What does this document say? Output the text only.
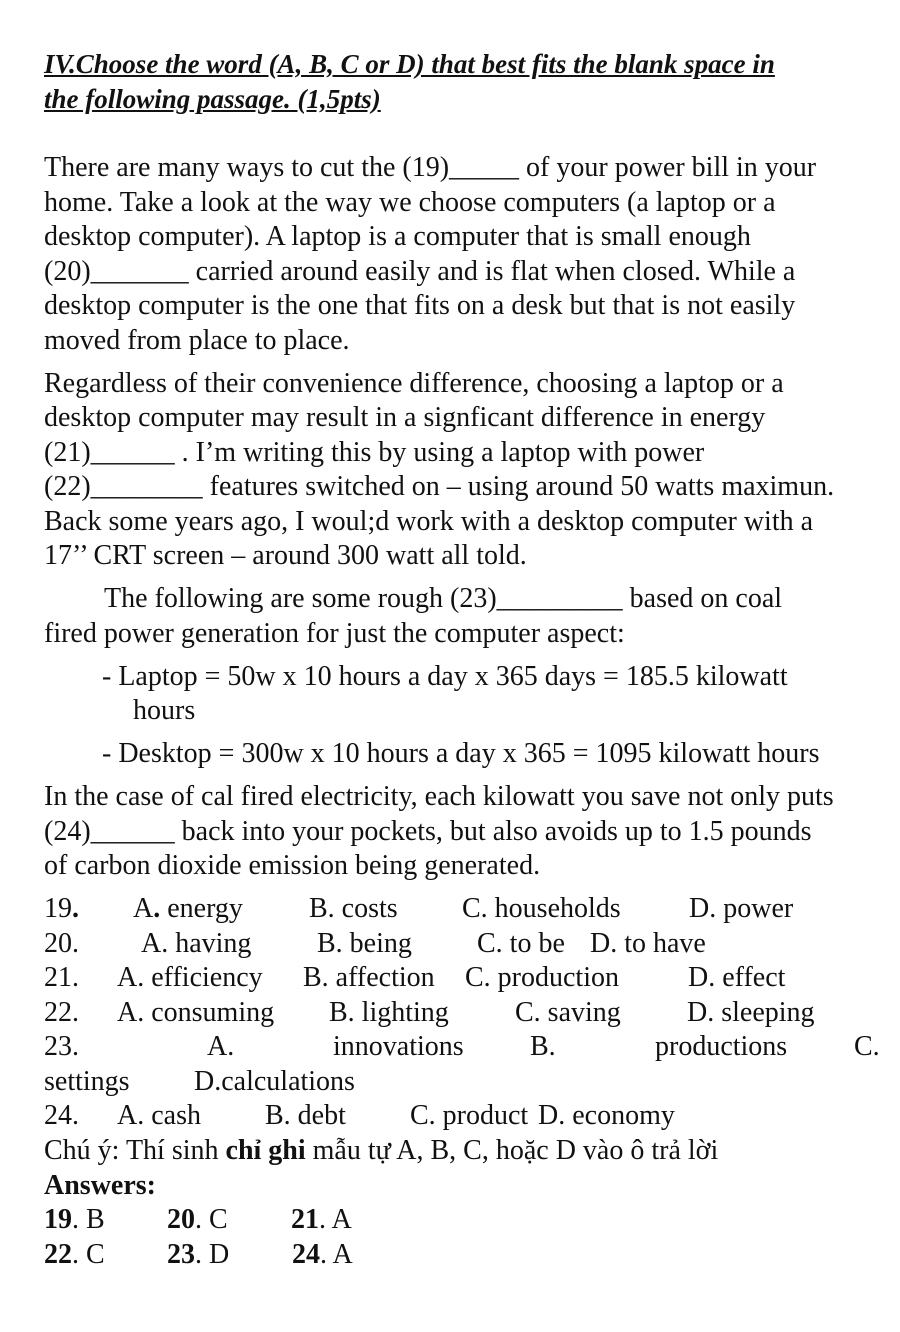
IV.Choose the word (A, B, C or D) that best fits the blank space in
the following passage. (1,5pts)
There are many ways to cut the (19)_____ of your power bill in your
home. Take a look at the way we choose computers (a laptop or a
desktop computer). A laptop is a computer that is small enough
(20)_______ carried around easily and is flat when closed. While a
desktop computer is the one that fits on a desk but that is not easily
moved from place to place.
Regardless of their convenience difference, choosing a laptop or a
desktop computer may result in a signficant difference in energy
(21)______ . I’m writing this by using a laptop with power
(22)________ features switched on – using around 50 watts maximun.
Back some years ago, I woul;d work with a desktop computer with a
17’’ CRT screen – around 300 watt all told.
The following are some rough (23)_________ based on coal
fired power generation for just the computer aspect:
- Laptop = 50w x 10 hours a day x 365 days = 185.5 kilowatt
hours
- Desktop = 300w x 10 hours a day x 365 = 1095 kilowatt hours
In the case of cal fired electricity, each kilowatt you save not only puts
(24)______ back into your pockets, but also avoids up to 1.5 pounds
of carbon dioxide emission being generated.
19. A. energy B. costs C. households D. power
20. A. having B. being C. to be D. to have
21. A. efficiency B. affection C. production D. effect
22. A. consuming B. lighting C. saving D. sleeping
23.	A.	innovations B.	productions C.
settings D.calculations
24. A. cash B. debt C. product D. economy
Chú ý: Thí sinh chỉ ghi mẫu tự A, B, C, hoặc D vào ô trả lời
Answers:
19. B 20. C 21. A
22. C 23. D 24. A
